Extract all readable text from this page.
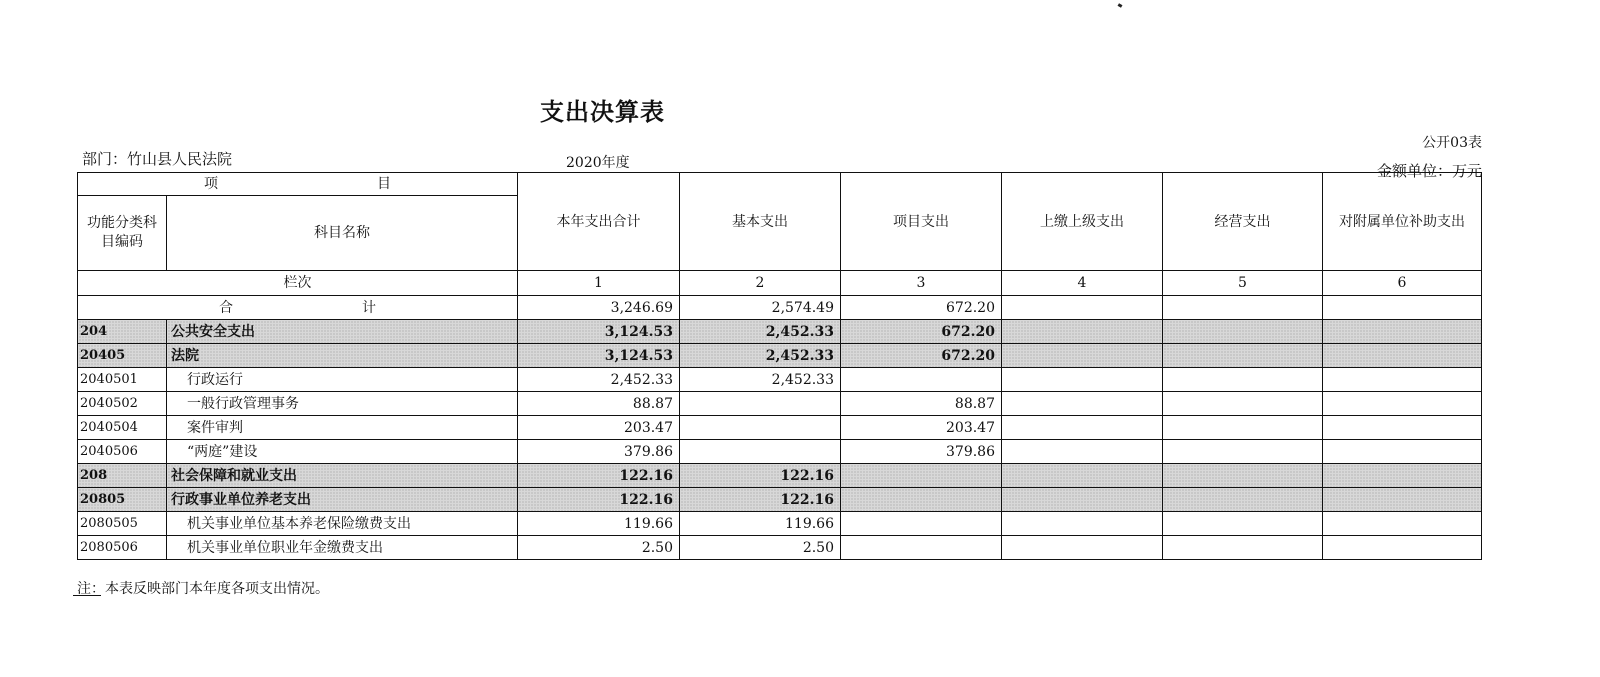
支出决算表
公开03表
部门：竹山县人民法院	2020年度	金额单位：万元
项 目		本年支出合计	基本支出	项目支出	上缴上级支出	经营支出	对附属单位补助支出
功能分类科目编码	科目名称						
栏次		1	2	3	4	5	6
合 计		3,246.69	2,574.49	672.20			
204	公共安全支出	3,124.53	2,452.33	672.20			
20405	法院	3,124.53	2,452.33	672.20			
2040501	行政运行	2,452.33	2,452.33				
2040502	一般行政管理事务	88.87		88.87			
2040504	案件审判	203.47		203.47			
2040506	“两庭”建设	379.86		379.86			
208	社会保障和就业支出	122.16	122.16				
20805	行政事业单位养老支出	122.16	122.16				
2080505	机关事业单位基本养老保险缴费支出	119.66	119.66				
2080506	机关事业单位职业年金缴费支出	2.50	2.50				
注：本表反映部门本年度各项支出情况。
